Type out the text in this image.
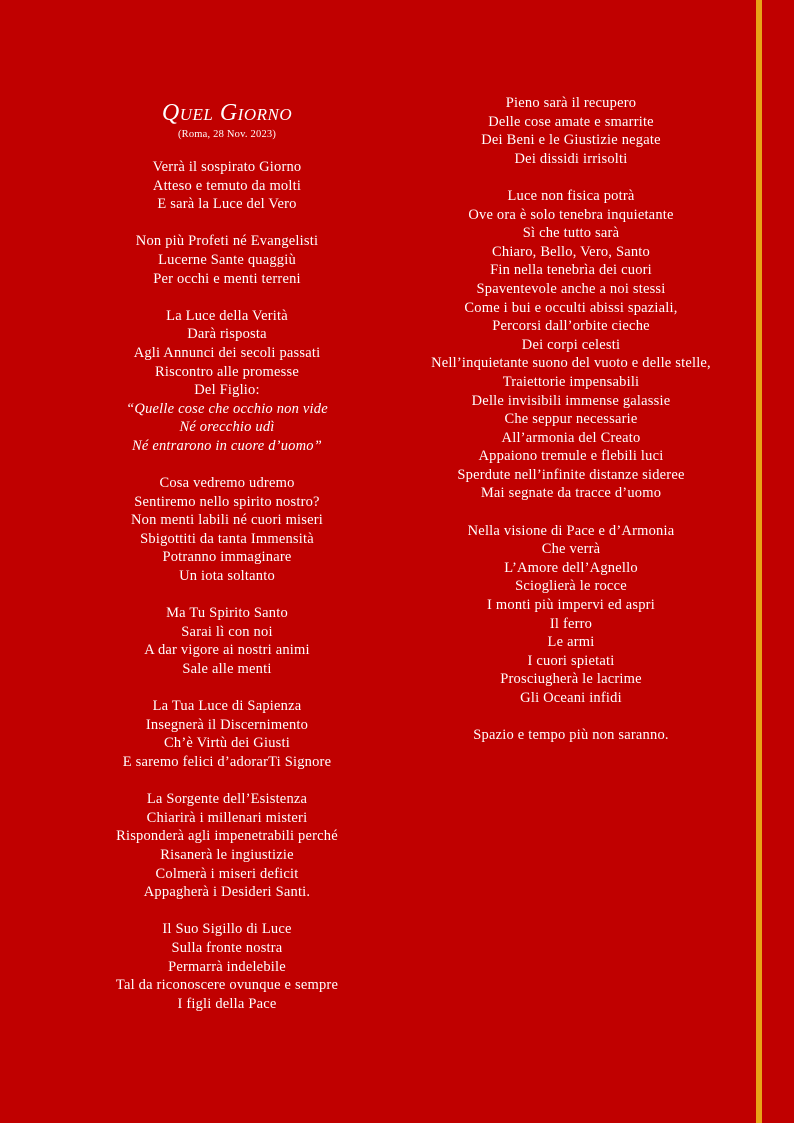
Quel Giorno
(Roma, 28 Nov. 2023)
Verrà il sospirato Giorno
Atteso e temuto da molti
E sarà la Luce del Vero
Non più Profeti né Evangelisti
Lucerne Sante quaggiù
Per occhi e menti terreni
La Luce della Verità
Darà risposta
Agli Annunci dei secoli passati
Riscontro alle promesse
Del Figlio:
“Quelle cose che occhio non vide
Né orecchio udì
Né entrarono in cuore d’uomo”
Cosa vedremo udremo
Sentiremo nello spirito nostro?
Non menti labili né cuori miseri
Sbigottiti da tanta Immensità
Potranno immaginare
Un iota soltanto
Ma Tu Spirito Santo
Sarai lì con noi
A dar vigore ai nostri animi
Sale alle menti
La Tua Luce di Sapienza
Insegnerà il Discernimento
Ch’è Virtù dei Giusti
E saremo felici d’adorarTi Signore
La Sorgente dell’Esistenza
Chiarirà i millenari misteri
Risponderà agli impenetrabili perché
Risanerà le ingiustizie
Colmerà i miseri deficit
Appagherà i Desideri Santi.
Il Suo Sigillo di Luce
Sulla fronte nostra
Permarrà indelebile
Tal da riconoscere ovunque e sempre
I figli della Pace
Pieno sarà il recupero
Delle cose amate e smarrite
Dei Beni e le Giustizie negate
Dei dissidi irrisolti
Luce non fisica potrà
Ove ora è solo tenebra inquietante
Sì che tutto sarà
Chiaro, Bello, Vero, Santo
Fin nella tenebrìa dei cuori
Spaventevole anche a noi stessi
Come i bui e occulti abissi spaziali,
Percorsi dall’orbite cieche
Dei corpi celesti
Nell’inquietante suono del vuoto e delle stelle,
Traiettorie impensabili
Delle invisibili immense galassie
Che seppur necessarie
All’armonia del Creato
Appaiono tremule e flebili luci
Sperdute nell’infinite distanze sideree
Mai segnate da tracce d’uomo
Nella visione di Pace e d’Armonia
Che verrà
L’Amore dell’Agnello
Scioglierà le rocce
I monti più impervi ed aspri
Il ferro
Le armi
I cuori spietati
Prosciugherà le lacrime
Gli Oceani infidi
Spazio e tempo più non saranno.
